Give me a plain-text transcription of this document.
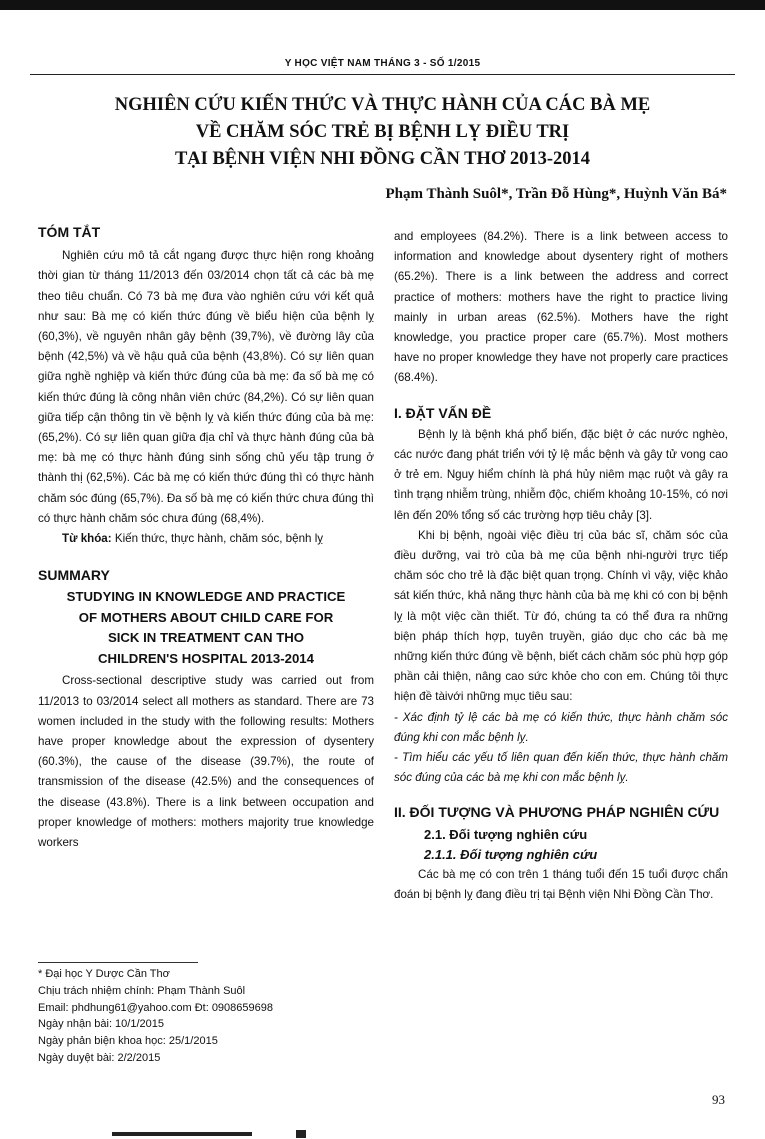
Y HỌC VIỆT NAM THÁNG 3 - SỐ 1/2015
NGHIÊN CỨU KIẾN THỨC VÀ THỰC HÀNH CỦA CÁC BÀ MẸ
VỀ CHĂM SÓC TRẺ BỊ BỆNH LỴ ĐIỀU TRỊ
TẠI BỆNH VIỆN NHI ĐỒNG CẦN THƠ 2013-2014
Phạm Thành Suôl*, Trần Đỗ Hùng*, Huỳnh Văn Bá*
TÓM TẮT

Nghiên cứu mô tả cắt ngang được thực hiện rong khoảng thời gian từ tháng 11/2013 đến 03/2014 chọn tất cả các bà mẹ theo tiêu chuẩn. Có 73 bà mẹ đưa vào nghiên cứu với kết quả như sau: Bà mẹ có kiến thức đúng về biểu hiện của bệnh lỵ (60,3%), về nguyên nhân gây bệnh (39,7%), về đường lây của bệnh (42,5%) và về hậu quả của bệnh (43,8%). Có sự liên quan giữa nghề nghiệp và kiến thức đúng của bà mẹ: đa số bà mẹ có kiến thức đúng là công nhân viên chức (84,2%). Có sự liên quan giữa tiếp cận thông tin về bệnh lỵ và kiến thức đúng của bà mẹ: (65,2%). Có sự liên quan giữa địa chỉ và thực hành đúng của bà mẹ: bà mẹ có thực hành đúng sinh sống chủ yếu tập trung ở thành thị (62,5%). Các bà mẹ có kiến thức đúng thì có thực hành chăm sóc đúng (65,7%). Đa số bà mẹ có kiến thức chưa đúng thì có thực hành chăm sóc chưa đúng (68,4%).

Từ khóa: Kiến thức, thực hành, chăm sóc, bệnh lỵ

SUMMARY
STUDYING IN KNOWLEDGE AND PRACTICE
OF MOTHERS ABOUT CHILD CARE FOR
SICK IN TREATMENT CAN THO
CHILDREN'S HOSPITAL 2013-2014

Cross-sectional descriptive study was carried out from 11/2013 to 03/2014 select all mothers as standard. There are 73 women included in the study with the following results: Mothers have proper knowledge about the expression of dysentery (60.3%), the cause of the disease (39.7%), the route of transmission of the disease (42.5%) and the consequences of the disease (43.8%). There is a link between occupation and proper knowledge of mothers: mothers majority true knowledge workers

and employees (84.2%). There is a link between access to information and knowledge about dysentery right of mothers (65.2%). There is a link between the address and correct practice of mothers: mothers have the right to practice living mainly in urban areas (62.5%). Mothers have the right knowledge, you practice proper care (65.7%). Most mothers have no proper knowledge they have not properly care practices (68.4%).

I. ĐẶT VẤN ĐỀ

Bệnh lỵ là bệnh khá phổ biến, đặc biệt ở các nước nghèo, các nước đang phát triển với tỷ lệ mắc bệnh và gây tử vong cao ở trẻ em. Nguy hiểm chính là phá hủy niêm mạc ruột và gây ra tình trạng nhiễm trùng, nhiễm độc, chiếm khoảng 10-15%, có nơi lên đến 20% tổng số các trường hợp tiêu chảy [3].

Khi bị bệnh, ngoài việc điều trị của bác sĩ, chăm sóc của điều dưỡng, vai trò của bà mẹ của bệnh nhi-người trực tiếp chăm sóc cho trẻ là đặc biệt quan trọng. Chính vì vậy, việc khảo sát kiến thức, khả năng thực hành của bà mẹ khi có con bị bệnh lỵ là một việc cần thiết. Từ đó, chúng ta có thể đưa ra những biện pháp thích hợp, tuyên truyền, giáo dục cho các bà mẹ những kiến thức đúng về bệnh, biết cách chăm sóc phù hợp góp phần cải thiện, nâng cao sức khỏe cho con em. Chúng tôi thực hiện đề tàivới những mục tiêu sau:

- Xác định tỷ lệ các bà mẹ có kiến thức, thực hành chăm sóc đúng khi con mắc bệnh lỵ.

- Tìm hiểu các yếu tố liên quan đến kiến thức, thực hành chăm sóc đúng của các bà mẹ khi con mắc bệnh lỵ.

II. ĐỐI TƯỢNG VÀ PHƯƠNG PHÁP NGHIÊN CỨU
2.1. Đối tượng nghiên cứu
2.1.1. Đối tượng nghiên cứu

Các bà mẹ có con trên 1 tháng tuổi đến 15 tuổi được chẩn đoán bị bệnh lỵ đang điều trị tại Bệnh viện Nhi Đồng Cần Thơ.

* Đại học Y Dược Cần Thơ
Chịu trách nhiệm chính: Phạm Thành Suôl
Email: phdhung61@yahoo.com Đt: 0908659698
Ngày nhận bài: 10/1/2015
Ngày phản biện khoa học: 25/1/2015
Ngày duyệt bài: 2/2/2015
93
